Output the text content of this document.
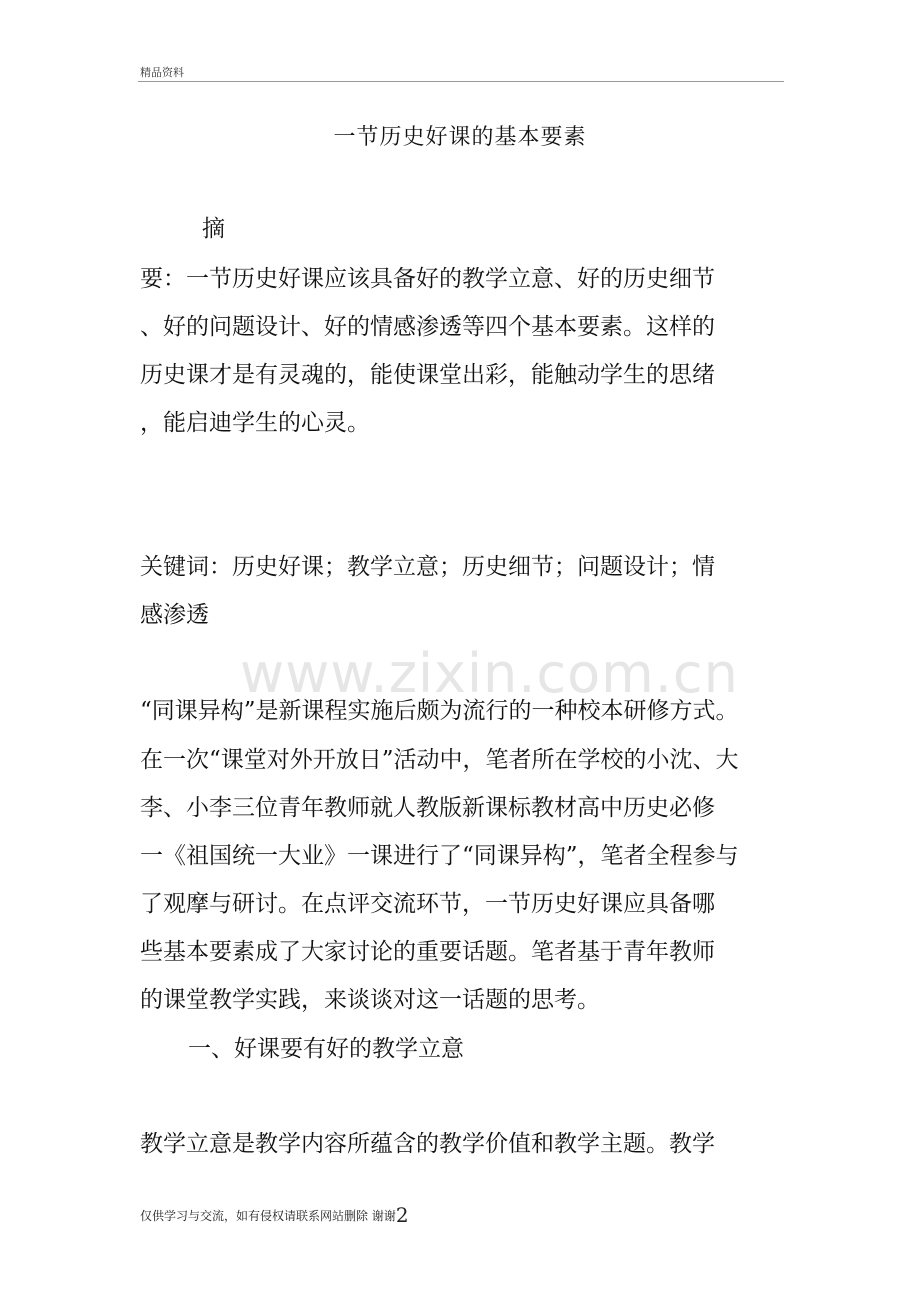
精品资料
一节历史好课的基本要素
摘
要：一节历史好课应该具备好的教学立意、好的历史细节
、好的问题设计、好的情感渗透等四个基本要素。这样的
历史课才是有灵魂的，能使课堂出彩，能触动学生的思绪
，能启迪学生的心灵。
关键词：历史好课；教学立意；历史细节；问题设计；情
感渗透
www.zixin.com.cn
“同课异构”是新课程实施后颇为流行的一种校本研修方式。
在一次“课堂对外开放日”活动中，笔者所在学校的小沈、大
李、小李三位青年教师就人教版新课标教材高中历史必修
一《祖国统一大业》一课进行了“同课异构”，笔者全程参与
了观摩与研讨。在点评交流环节，一节历史好课应具备哪
些基本要素成了大家讨论的重要话题。笔者基于青年教师
的课堂教学实践，来谈谈对这一话题的思考。
一、好课要有好的教学立意
教学立意是教学内容所蕴含的教学价值和教学主题。教学
仅供学习与交流，如有侵权请联系网站删除 谢谢2
